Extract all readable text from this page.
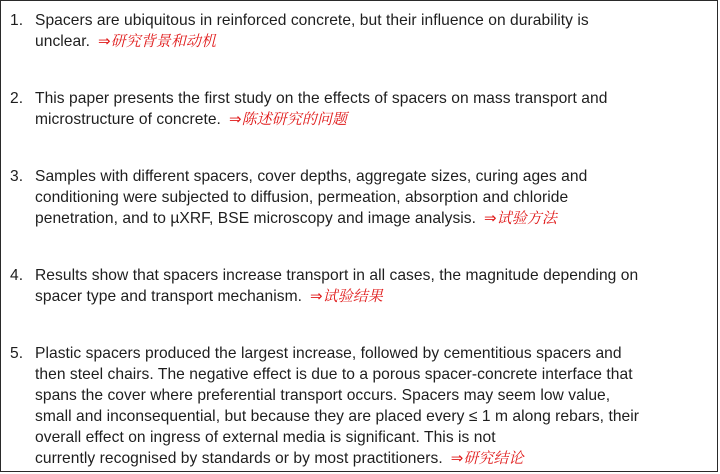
1. Spacers are ubiquitous in reinforced concrete, but their influence on durability is
unclear. ⇒研究背景和动机
2. This paper presents the first study on the effects of spacers on mass transport and
microstructure of concrete. ⇒陈述研究的问题
3. Samples with different spacers, cover depths, aggregate sizes, curing ages and
conditioning were subjected to diffusion, permeation, absorption and chloride
penetration, and to µXRF, BSE microscopy and image analysis. ⇒试验方法
4. Results show that spacers increase transport in all cases, the magnitude depending on
spacer type and transport mechanism. ⇒试验结果
5. Plastic spacers produced the largest increase, followed by cementitious spacers and
then steel chairs. The negative effect is due to a porous spacer-concrete interface that
spans the cover where preferential transport occurs. Spacers may seem low value,
small and inconsequential, but because they are placed every ≤ 1 m along rebars, their
overall effect on ingress of external media is significant. This is not
currently recognised by standards or by most practitioners. ⇒研究结论
